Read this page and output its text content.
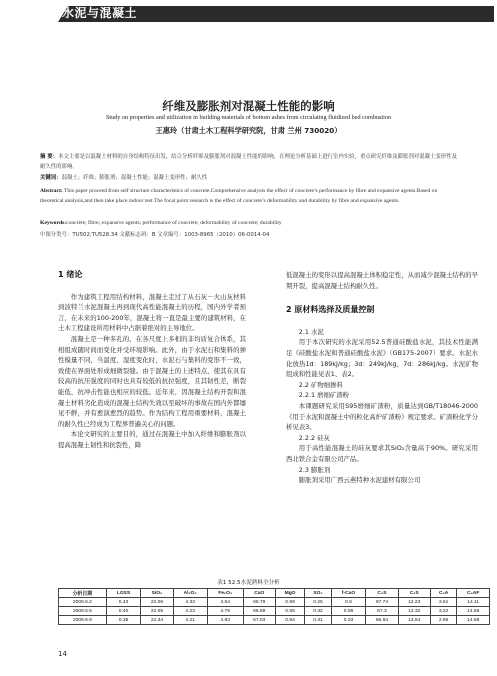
水泥与混凝土
纤维及膨胀剂对混凝土性能的影响
Study on properties and utilization in building materials of bottom ashes from circulating fluidized bed combustion
王惠玲（甘肃土木工程科学研究院，甘肃 兰州 730020）
摘 要：本文主要是以混凝土材料的自身结构特征出发，结合分析纤维及膨胀剂对混凝土性能的影响，在理论分析基础上进行室内实验，重点研究纤维及膨胀剂对混凝土变形性及耐久性的影响。
关键词：混凝土；纤维；膨胀剂；混凝土性能；混凝土变形性；耐久性
Abstract: This paper proceed from self structure characteristics of concrete.Comprehensive analysis the effect of concrete’s performance by fibre and expansive agents.Based on theoretical analysis,and then take place indoor test.The focal point research is the effect of concrete’s deformability and durability by fibre and expansive agents.
Keywords:concrete; fibre; expansive agents; performance of concrete; deformability of concrete; durability
中图分类号：TU502;TU528.34 文献标志码：B 文章编号：1003-8965（2010）06-0014-04
1 绪论

作为建筑工程用结构材料，混凝土走过了从石灰－火山灰材料到波特兰水泥混凝土再到现代高性能混凝土的历程，国内外学者预言，在未来的100-200年，混凝土将一直是最主要的建筑材料，在土木工程建设所用材料中占据着绝对的主导地位。

混凝土是一种多孔的、在各尺度上多相的非均质复合体系，其相组成随时间而变化并受环境影响。此外，由于水泥石和集料的弹性模量不同，当温度、湿度变化时，水泥石与集料的变形不一致，致使在界面处形成细微裂缝。由于混凝土的上述特点，使其在具有较高的抗压强度的同时也具有较低的抗拉强度，且其韧性差，断裂能低，抗冲击性能也相应的较低。近年来，因混凝土结构开裂和混凝土材料劣化造成的混凝土结构失效以至破坏的事故在国内外都屡见不鲜，并有愈演愈烈的趋势。作为结构工程用重要材料，混凝土的耐久性已经成为工程界普遍关心的问题。

本论文研究的主要目的，通过在混凝土中加入纤维和膨胀剂以提高混凝土韧性和抗裂性，降

低混凝土的变形以提高混凝土体积稳定性，从而减少混凝土结构的早期开裂，提高混凝土结构耐久性。

2 原材料选择及质量控制
2.1 水泥

用于本次研究的水泥采用52.5普通硅酸盐水泥，其技术性能满足《硅酸盐水泥和普通硅酸盐水泥》（GB175-2007）要求。水泥水化放热1d：189kJ/kg；3d：249kJ/kg，7d：286kJ/kg。水泥矿物组成和性能见表1、表2。

2.2 矿物细掺料
2.2.1 磨细矿渣粉

本课题研究采用S95磨细矿渣粉，质量达到GB/T18046-2000《用于水泥和混凝土中的粒化高炉矿渣粉》规定要求。矿渣粉化学分析见表3。

2.2.2 硅灰

用于高性能混凝土的硅灰要求其SiO₂含量高于90%。研究采用西北铁合金有限公司产品。

2.3 膨胀剂

膨胀剂采用广西云燕特种水泥建材有限公司

表1 52.5水泥熟料全分析
分析日期	LOSS	SiO₂	Al₂O₃	Fe₂O₃	CaO	MgO	SO₃	f-CaO	C₃S	C₂S	C₃A	C₄AF
2009.6.2	0.43	22.06	4.33	4.64	66.79	0.99	0.25	0.5	67.74	12.23	3.61	14.11
2009.6.5	0.40	22.05	4.23	4.79	66.69	0.95	0.32	0.96	67.3	12.32	3.22	14.56
2009.6.9	0.35	22.34	4.21	4.83	67.03	0.94	0.31	0.33	66.94	13.64	2.96	14.68
14
